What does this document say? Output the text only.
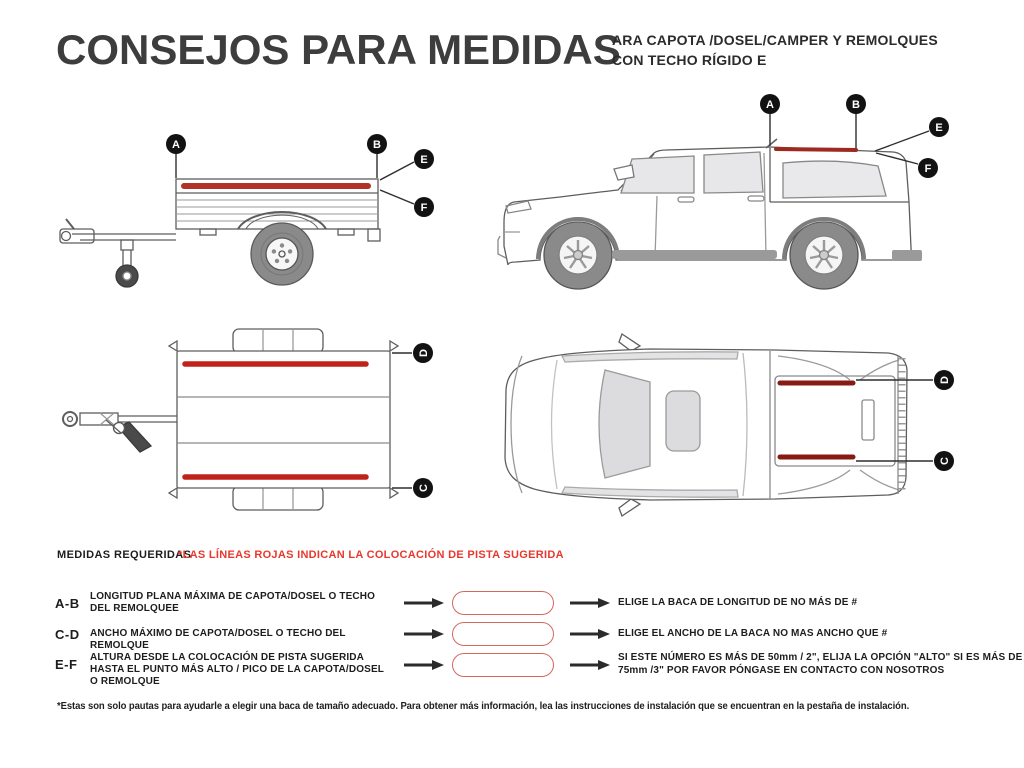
CONSEJOS PARA MEDIDAS
ARA CAPOTA /DOSEL/CAMPER Y REMOLQUES
CON TECHO RÍGIDO E
A	B
E
F
A	B
E
F
D
C
D
C
MEDIDAS REQUERIDAS
*LAS LÍNEAS ROJAS INDICAN LA COLOCACIÓN DE PISTA SUGERIDA
A-B LONGITUD PLANA MÁXIMA DE CAPOTA/DOSEL O TECHO DEL REMOLQUEE
ELIGE LA BACA DE LONGITUD DE NO MÁS DE #
C-D ANCHO MÁXIMO DE CAPOTA/DOSEL O TECHO DEL REMOLQUE
ELIGE EL ANCHO DE LA BACA NO MAS ANCHO QUE #
E-F ALTURA DESDE LA COLOCACIÓN DE PISTA SUGERIDA HASTA EL PUNTO MÁS ALTO / PICO DE LA CAPOTA/DOSEL O REMOLQUE
SI ESTE NÚMERO ES MÁS DE 50mm / 2", ELIJA LA OPCIÓN "ALTO" SI ES MÁS DE 75mm /3" POR FAVOR PÓNGASE EN CONTACTO CON NOSOTROS
*Estas son solo pautas para ayudarle a elegir una baca de tamaño adecuado. Para obtener más información, lea las instrucciones de instalación que se encuentran en la pestaña de instalación.
